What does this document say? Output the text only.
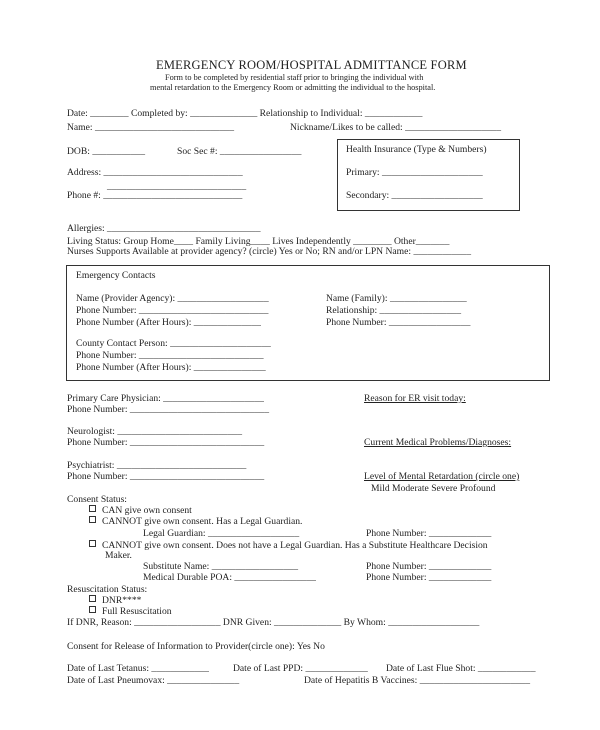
EMERGENCY ROOM/HOSPITAL ADMITTANCE FORM
Form to be completed by residential staff prior to bringing the individual with
mental retardation to the Emergency Room or admitting the individual to the hospital.
Date: ________ Completed by: ______________ Relationship to Individual: ____________
Name: _____________________________	Nickname/Likes to be called: ____________________
DOB: ___________	Soc Sec #: _________________
Address: _____________________________
_____________________________
Phone #: _____________________________
Health Insurance (Type & Numbers)
Primary: _____________________
Secondary: ___________________
Allergies: ________________________________
Living Status: Group Home____ Family Living____ Lives Independently ________ Other_______
Nurses Supports Available at provider agency? (circle) Yes or No; RN and/or LPN Name: ____________
Emergency Contacts
Name (Provider Agency): ___________________	Name (Family): ________________
Phone Number: ___________________________	Relationship: _________________
Phone Number (After Hours): ______________	Phone Number: _________________
County Contact Person: _____________________
Phone Number: __________________________
Phone Number (After Hours): _______________
Primary Care Physician: _____________________
Phone Number: _____________________________
Reason for ER visit today:
Neurologist: __________________________
Phone Number: ____________________________	Current Medical Problems/Diagnoses:
Psychiatrist: ___________________________
Phone Number: ____________________________	Level of Mental Retardation (circle one)
Mild Moderate Severe Profound
Consent Status:
CAN give own consent
CANNOT give own consent. Has a Legal Guardian.
Legal Guardian: ___________________	Phone Number: _____________
CANNOT give own consent. Does not have a Legal Guardian. Has a Substitute Healthcare Decision
Maker.
Substitute Name: __________________	Phone Number: _____________
Medical Durable POA: _________________	Phone Number: _____________
Resuscitation Status:
DNR****
Full Resuscitation
If DNR, Reason: __________________ DNR Given: ______________ By Whom: ___________________
Consent for Release of Information to Provider(circle one): Yes No
Date of Last Tetanus: ____________	Date of Last PPD: _____________ Date of Last Flue Shot: ____________
Date of Last Pneumovax: _______________	Date of Hepatitis B Vaccines: _______________________
